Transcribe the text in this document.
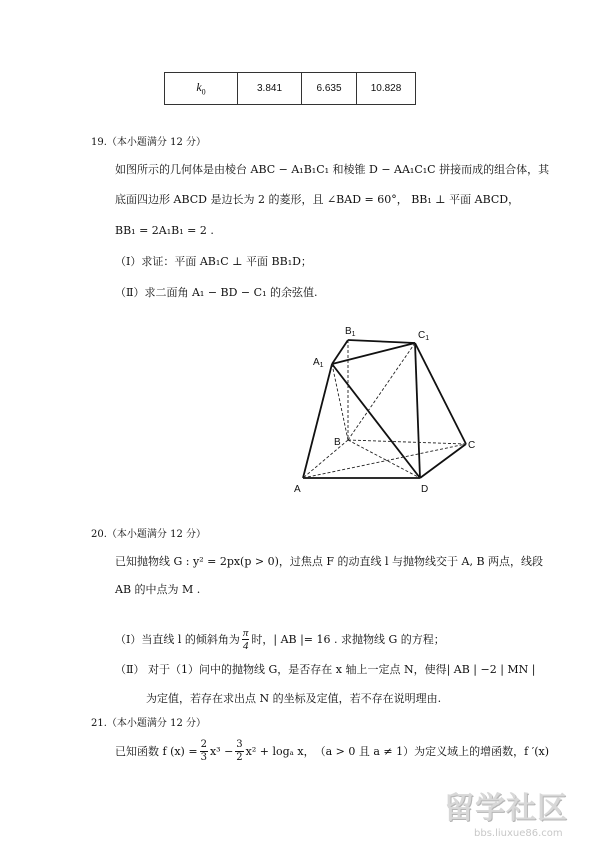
$k_0$	3.841	6.635	10.828
19.（本小题满分 12 分）
如图所示的几何体是由棱台 ABC − A₁B₁C₁ 和棱锥 D − AA₁C₁C 拼接而成的组合体，其
底面四边形 ABCD 是边长为 2 的菱形，且 ∠BAD = 60°， BB₁ ⊥ 平面 ABCD，
BB₁ = 2A₁B₁ = 2 .
（Ⅰ）求证：平面 AB₁C ⊥ 平面 BB₁D；
（Ⅱ）求二面角 A₁ − BD − C₁ 的余弦值.
$B_1$	$C_1$
$A_1$
B	C
A	D
20.（本小题满分 12 分）
已知抛物线 G : y² = 2px(p > 0)，过焦点 F 的动直线 l 与抛物线交于 A, B 两点，线段
AB 的中点为 M .
（Ⅰ）当直线 l 的倾斜角为 $\frac{\pi}{4}$ 时，| AB |= 16 . 求抛物线 G 的方程；
（Ⅱ） 对于（1）问中的抛物线 G，是否存在 x 轴上一定点 N，使得| AB | −2 | MN |
为定值，若存在求出点 N 的坐标及定值，若不存在说明理由.
21.（本小题满分 12 分）
已知函数 f $(x) = \frac{2}{3} x^3 - \frac{3}{2} x^2 + \log_a$ x， （a > 0 且 a ≠ 1）为定义域上的增函数，f ′(x)
留学社区
bbs.liuxue86.com
